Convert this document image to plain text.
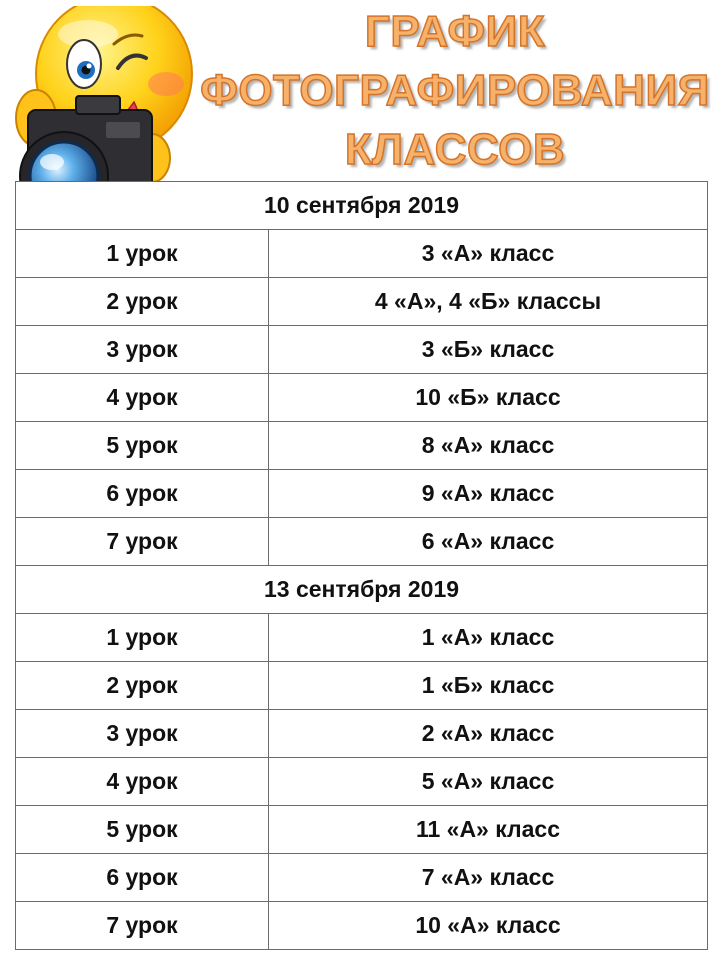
ГРАФИК
ФОТОГРАФИРОВАНИЯ
КЛАССОВ
10 сентября 2019	
1 урок	3 «А» класс
2 урок	4 «А», 4 «Б» классы
3 урок	3 «Б» класс
4 урок	10 «Б» класс
5 урок	8 «А» класс
6 урок	9 «А» класс
7 урок	6 «А» класс
13 сентября 2019	
1 урок	1 «А» класс
2 урок	1 «Б» класс
3 урок	2 «А» класс
4 урок	5 «А» класс
5 урок	11 «А» класс
6 урок	7 «А» класс
7 урок	10 «А» класс
